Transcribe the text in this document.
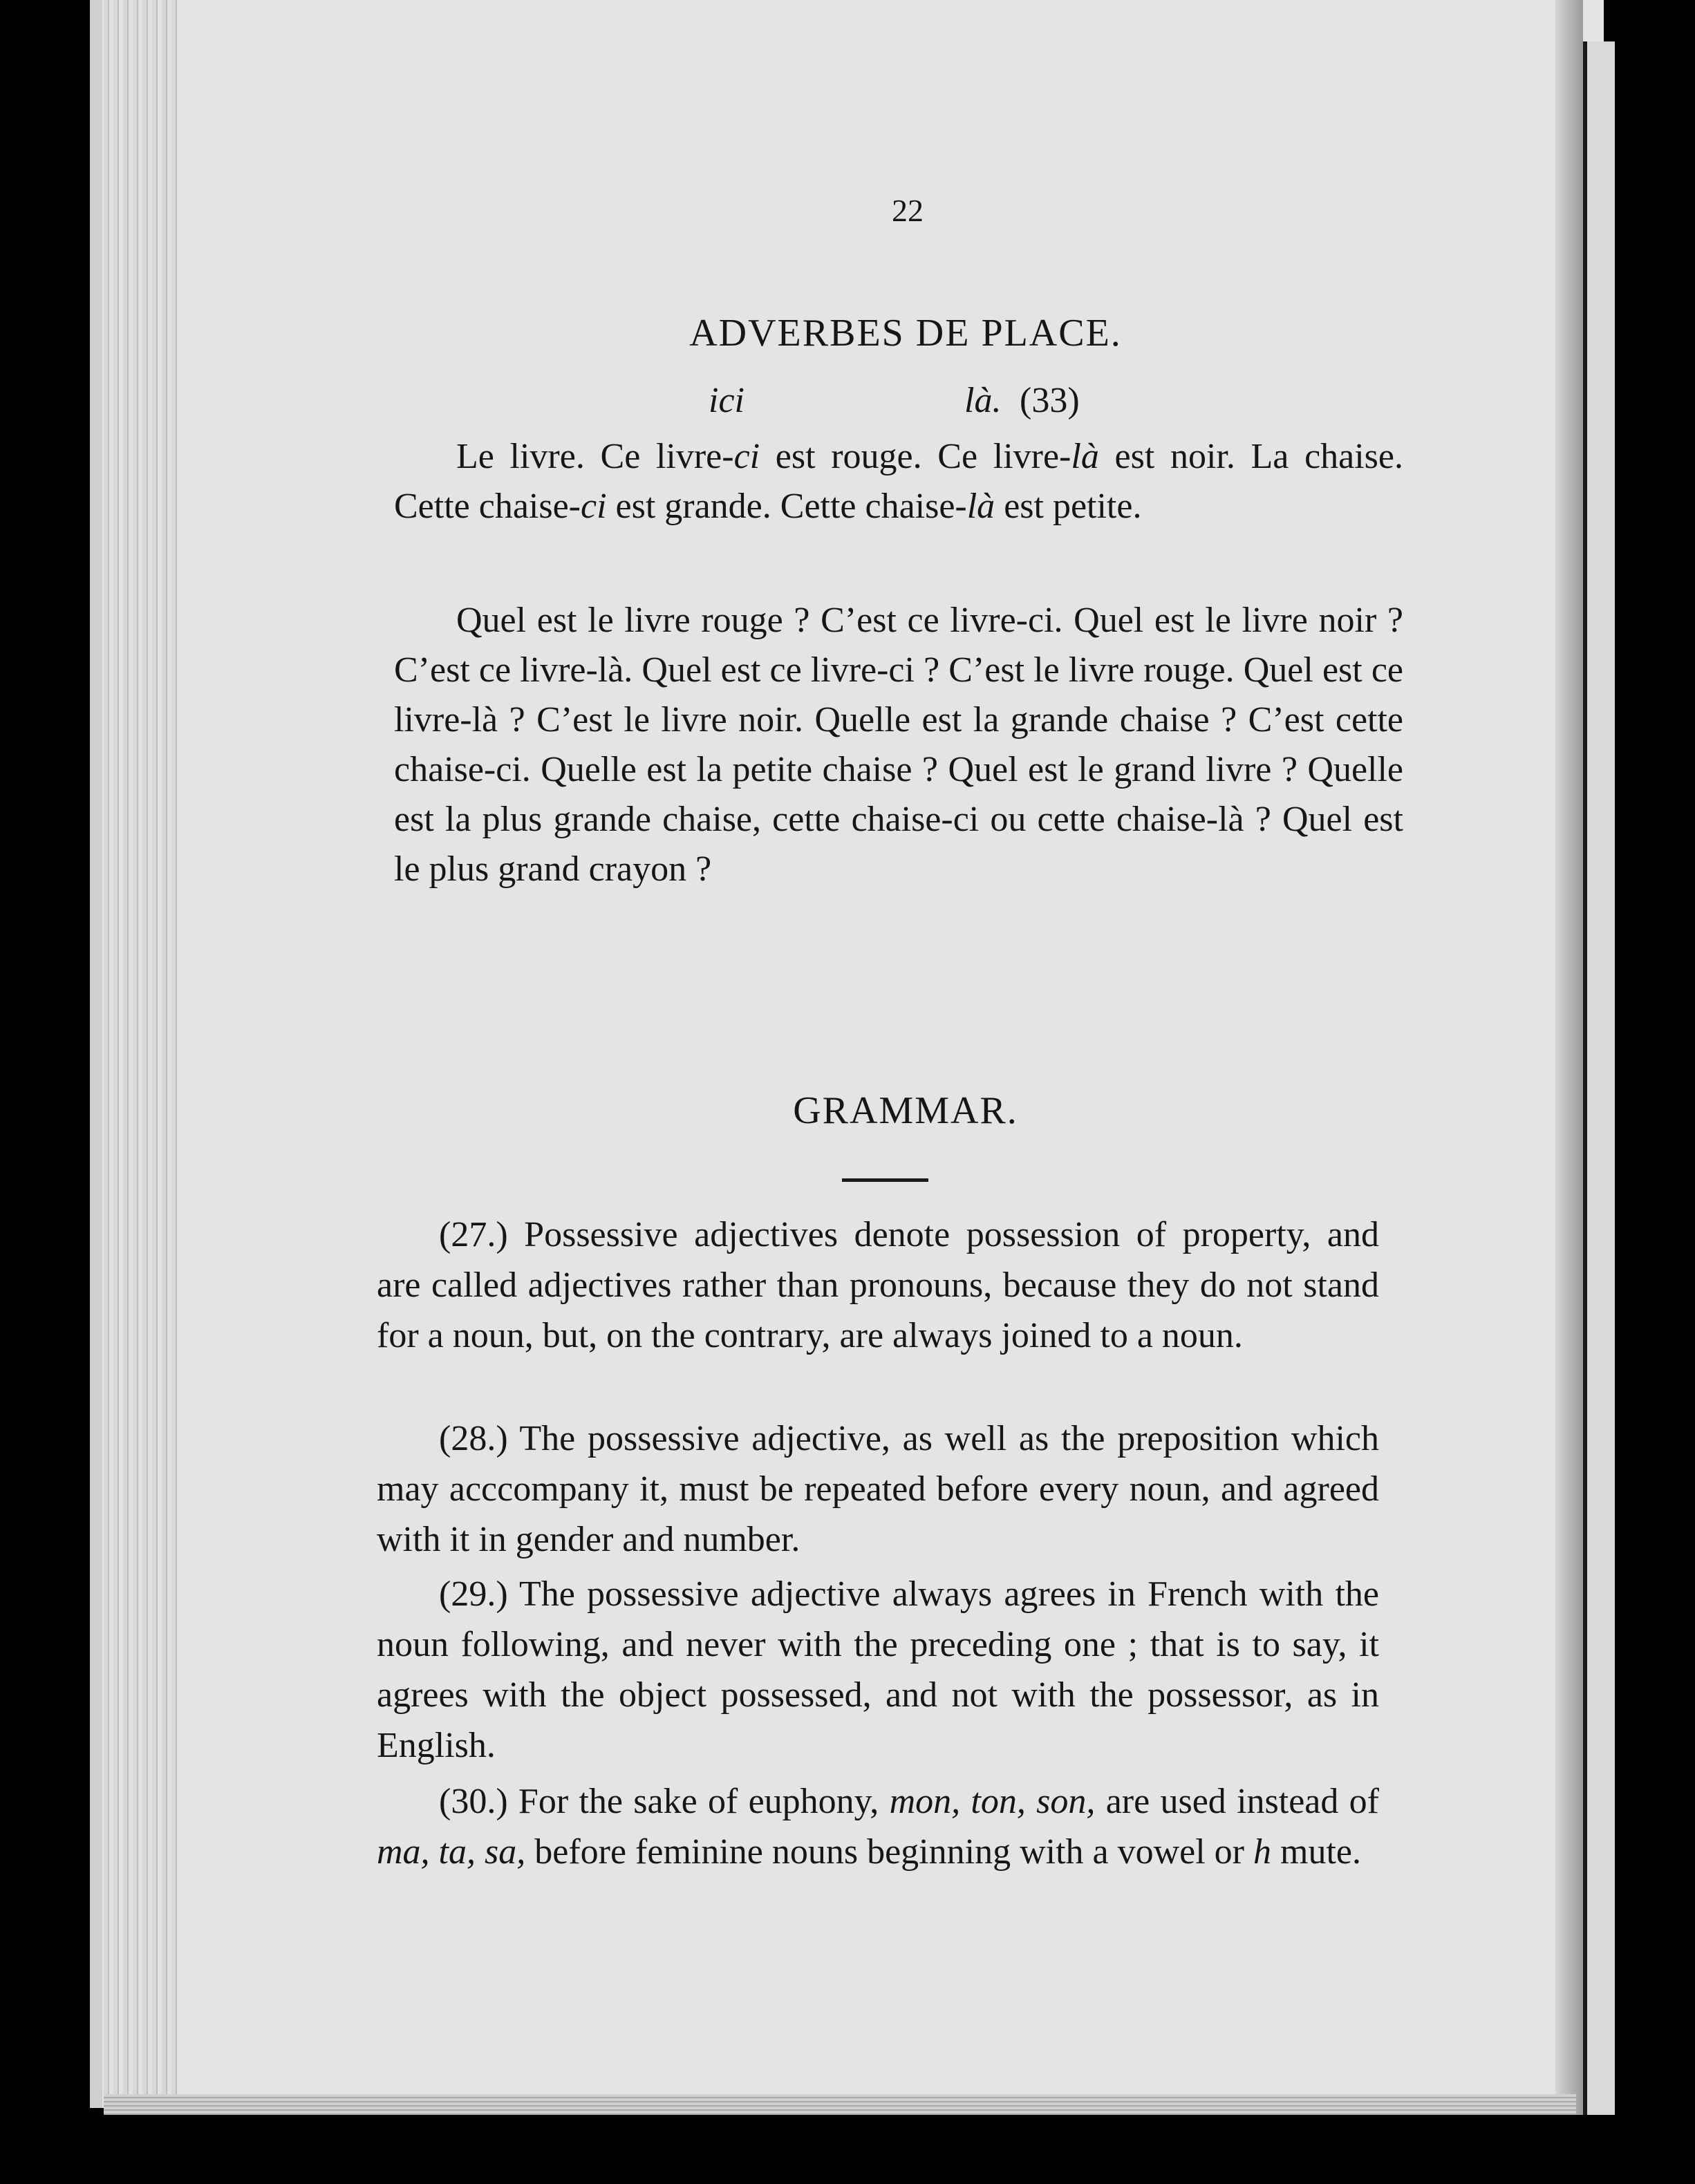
22
ADVERBES DE PLACE.
ici	là. (33)
Le livre. Ce livre-ci est rouge. Ce livre-là est noir. La chaise. Cette chaise-ci est grande. Cette chaise-là est petite.
Quel est le livre rouge ? C’est ce livre-ci. Quel est le livre noir ? C’est ce livre-là. Quel est ce livre-ci ? C’est le livre rouge. Quel est ce livre-là ? C’est le livre noir. Quelle est la grande chaise ? C’est cette chaise-ci. Quelle est la petite chaise ? Quel est le grand livre ? Quelle est la plus grande chaise, cette chaise-ci ou cette chaise-là ? Quel est le plus grand crayon ?
GRAMMAR.
(27.) Possessive adjectives denote possession of property, and are called adjectives rather than pronouns, because they do not stand for a noun, but, on the contrary, are always joined to a noun.
(28.) The possessive adjective, as well as the preposition which may acccompany it, must be repeated before every noun, and agreed with it in gender and number.
(29.) The possessive adjective always agrees in French with the noun following, and never with the preceding one ; that is to say, it agrees with the object possessed, and not with the possessor, as in English.
(30.) For the sake of euphony, mon, ton, son, are used instead of ma, ta, sa, before feminine nouns beginning with a vowel or h mute.
